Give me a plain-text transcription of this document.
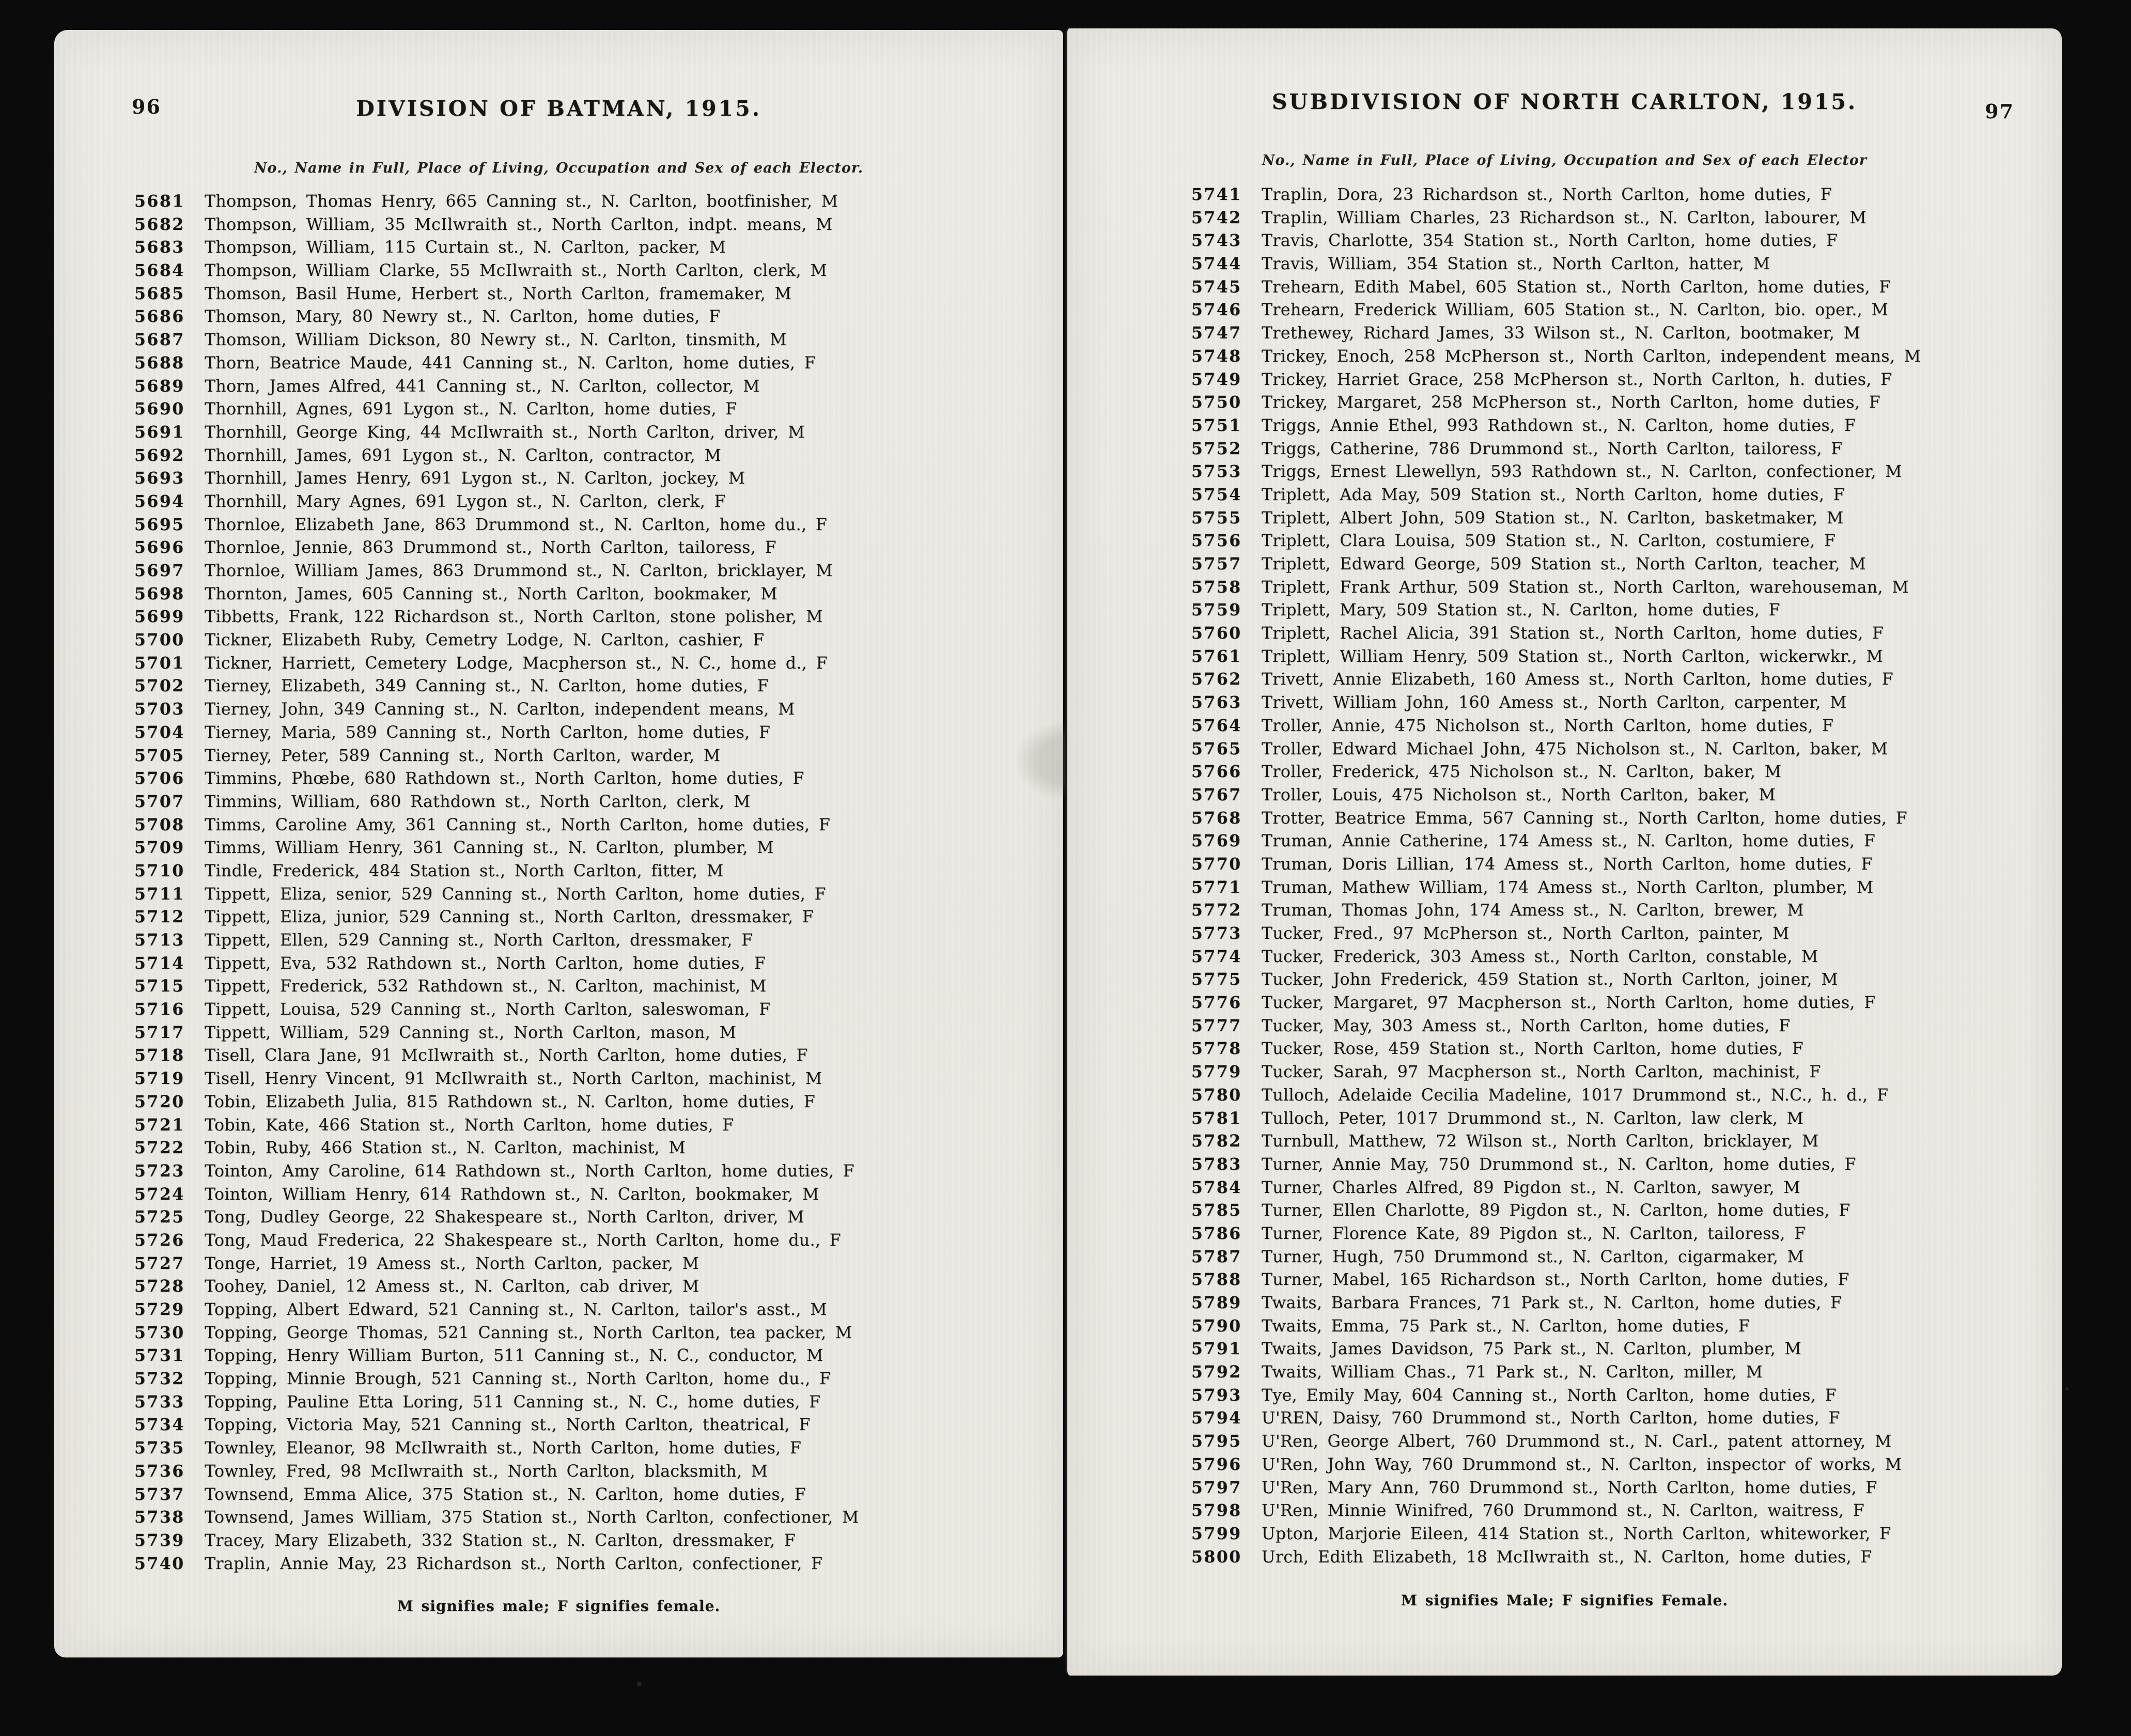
96	DIVISION OF BATMAN, 1915.
No., Name in Full, Place of Living, Occupation and Sex of each Elector.
5681 Thompson, Thomas Henry, 665 Canning st., N. Carlton, bootfinisher, M
5682 Thompson, William, 35 McIlwraith st., North Carlton, indpt. means, M
5683 Thompson, William, 115 Curtain st., N. Carlton, packer, M
5684 Thompson, William Clarke, 55 McIlwraith st., North Carlton, clerk, M
5685 Thomson, Basil Hume, Herbert st., North Carlton, framemaker, M
5686 Thomson, Mary, 80 Newry st., N. Carlton, home duties, F
5687 Thomson, William Dickson, 80 Newry st., N. Carlton, tinsmith, M
5688 Thorn, Beatrice Maude, 441 Canning st., N. Carlton, home duties, F
5689 Thorn, James Alfred, 441 Canning st., N. Carlton, collector, M
5690 Thornhill, Agnes, 691 Lygon st., N. Carlton, home duties, F
5691 Thornhill, George King, 44 McIlwraith st., North Carlton, driver, M
5692 Thornhill, James, 691 Lygon st., N. Carlton, contractor, M
5693 Thornhill, James Henry, 691 Lygon st., N. Carlton, jockey, M
5694 Thornhill, Mary Agnes, 691 Lygon st., N. Carlton, clerk, F
5695 Thornloe, Elizabeth Jane, 863 Drummond st., N. Carlton, home du., F
5696 Thornloe, Jennie, 863 Drummond st., North Carlton, tailoress, F
5697 Thornloe, William James, 863 Drummond st., N. Carlton, bricklayer, M
5698 Thornton, James, 605 Canning st., North Carlton, bookmaker, M
5699 Tibbetts, Frank, 122 Richardson st., North Carlton, stone polisher, M
5700 Tickner, Elizabeth Ruby, Cemetry Lodge, N. Carlton, cashier, F
5701 Tickner, Harriett, Cemetery Lodge, Macpherson st., N. C., home d., F
5702 Tierney, Elizabeth, 349 Canning st., N. Carlton, home duties, F
5703 Tierney, John, 349 Canning st., N. Carlton, independent means, M
5704 Tierney, Maria, 589 Canning st., North Carlton, home duties, F
5705 Tierney, Peter, 589 Canning st., North Carlton, warder, M
5706 Timmins, Phœbe, 680 Rathdown st., North Carlton, home duties, F
5707 Timmins, William, 680 Rathdown st., North Carlton, clerk, M
5708 Timms, Caroline Amy, 361 Canning st., North Carlton, home duties, F
5709 Timms, William Henry, 361 Canning st., N. Carlton, plumber, M
5710 Tindle, Frederick, 484 Station st., North Carlton, fitter, M
5711 Tippett, Eliza, senior, 529 Canning st., North Carlton, home duties, F
5712 Tippett, Eliza, junior, 529 Canning st., North Carlton, dressmaker, F
5713 Tippett, Ellen, 529 Canning st., North Carlton, dressmaker, F
5714 Tippett, Eva, 532 Rathdown st., North Carlton, home duties, F
5715 Tippett, Frederick, 532 Rathdown st., N. Carlton, machinist, M
5716 Tippett, Louisa, 529 Canning st., North Carlton, saleswoman, F
5717 Tippett, William, 529 Canning st., North Carlton, mason, M
5718 Tisell, Clara Jane, 91 McIlwraith st., North Carlton, home duties, F
5719 Tisell, Henry Vincent, 91 McIlwraith st., North Carlton, machinist, M
5720 Tobin, Elizabeth Julia, 815 Rathdown st., N. Carlton, home duties, F
5721 Tobin, Kate, 466 Station st., North Carlton, home duties, F
5722 Tobin, Ruby, 466 Station st., N. Carlton, machinist, M
5723 Tointon, Amy Caroline, 614 Rathdown st., North Carlton, home duties, F
5724 Tointon, William Henry, 614 Rathdown st., N. Carlton, bookmaker, M
5725 Tong, Dudley George, 22 Shakespeare st., North Carlton, driver, M
5726 Tong, Maud Frederica, 22 Shakespeare st., North Carlton, home du., F
5727 Tonge, Harriet, 19 Amess st., North Carlton, packer, M
5728 Toohey, Daniel, 12 Amess st., N. Carlton, cab driver, M
5729 Topping, Albert Edward, 521 Canning st., N. Carlton, tailor's asst., M
5730 Topping, George Thomas, 521 Canning st., North Carlton, tea packer, M
5731 Topping, Henry William Burton, 511 Canning st., N. C., conductor, M
5732 Topping, Minnie Brough, 521 Canning st., North Carlton, home du., F
5733 Topping, Pauline Etta Loring, 511 Canning st., N. C., home duties, F
5734 Topping, Victoria May, 521 Canning st., North Carlton, theatrical, F
5735 Townley, Eleanor, 98 McIlwraith st., North Carlton, home duties, F
5736 Townley, Fred, 98 McIlwraith st., North Carlton, blacksmith, M
5737 Townsend, Emma Alice, 375 Station st., N. Carlton, home duties, F
5738 Townsend, James William, 375 Station st., North Carlton, confectioner, M
5739 Tracey, Mary Elizabeth, 332 Station st., N. Carlton, dressmaker, F
5740 Traplin, Annie May, 23 Richardson st., North Carlton, confectioner, F
M signifies male; F signifies female.
97
SUBDIVISION OF NORTH CARLTON, 1915.
No., Name in Full, Place of Living, Occupation and Sex of each Elector
5741 Traplin, Dora, 23 Richardson st., North Carlton, home duties, F
5742 Traplin, William Charles, 23 Richardson st., N. Carlton, labourer, M
5743 Travis, Charlotte, 354 Station st., North Carlton, home duties, F
5744 Travis, William, 354 Station st., North Carlton, hatter, M
5745 Trehearn, Edith Mabel, 605 Station st., North Carlton, home duties, F
5746 Trehearn, Frederick William, 605 Station st., N. Carlton, bio. oper., M
5747 Trethewey, Richard James, 33 Wilson st., N. Carlton, bootmaker, M
5748 Trickey, Enoch, 258 McPherson st., North Carlton, independent means, M
5749 Trickey, Harriet Grace, 258 McPherson st., North Carlton, h. duties, F
5750 Trickey, Margaret, 258 McPherson st., North Carlton, home duties, F
5751 Triggs, Annie Ethel, 993 Rathdown st., N. Carlton, home duties, F
5752 Triggs, Catherine, 786 Drummond st., North Carlton, tailoress, F
5753 Triggs, Ernest Llewellyn, 593 Rathdown st., N. Carlton, confectioner, M
5754 Triplett, Ada May, 509 Station st., North Carlton, home duties, F
5755 Triplett, Albert John, 509 Station st., N. Carlton, basketmaker, M
5756 Triplett, Clara Louisa, 509 Station st., N. Carlton, costumiere, F
5757 Triplett, Edward George, 509 Station st., North Carlton, teacher, M
5758 Triplett, Frank Arthur, 509 Station st., North Carlton, warehouseman, M
5759 Triplett, Mary, 509 Station st., N. Carlton, home duties, F
5760 Triplett, Rachel Alicia, 391 Station st., North Carlton, home duties, F
5761 Triplett, William Henry, 509 Station st., North Carlton, wickerwkr., M
5762 Trivett, Annie Elizabeth, 160 Amess st., North Carlton, home duties, F
5763 Trivett, William John, 160 Amess st., North Carlton, carpenter, M
5764 Troller, Annie, 475 Nicholson st., North Carlton, home duties, F
5765 Troller, Edward Michael John, 475 Nicholson st., N. Carlton, baker, M
5766 Troller, Frederick, 475 Nicholson st., N. Carlton, baker, M
5767 Troller, Louis, 475 Nicholson st., North Carlton, baker, M
5768 Trotter, Beatrice Emma, 567 Canning st., North Carlton, home duties, F
5769 Truman, Annie Catherine, 174 Amess st., N. Carlton, home duties, F
5770 Truman, Doris Lillian, 174 Amess st., North Carlton, home duties, F
5771 Truman, Mathew William, 174 Amess st., North Carlton, plumber, M
5772 Truman, Thomas John, 174 Amess st., N. Carlton, brewer, M
5773 Tucker, Fred., 97 McPherson st., North Carlton, painter, M
5774 Tucker, Frederick, 303 Amess st., North Carlton, constable, M
5775 Tucker, John Frederick, 459 Station st., North Carlton, joiner, M
5776 Tucker, Margaret, 97 Macpherson st., North Carlton, home duties, F
5777 Tucker, May, 303 Amess st., North Carlton, home duties, F
5778 Tucker, Rose, 459 Station st., North Carlton, home duties, F
5779 Tucker, Sarah, 97 Macpherson st., North Carlton, machinist, F
5780 Tulloch, Adelaide Cecilia Madeline, 1017 Drummond st., N.C., h. d., F
5781 Tulloch, Peter, 1017 Drummond st., N. Carlton, law clerk, M
5782 Turnbull, Matthew, 72 Wilson st., North Carlton, bricklayer, M
5783 Turner, Annie May, 750 Drummond st., N. Carlton, home duties, F
5784 Turner, Charles Alfred, 89 Pigdon st., N. Carlton, sawyer, M
5785 Turner, Ellen Charlotte, 89 Pigdon st., N. Carlton, home duties, F
5786 Turner, Florence Kate, 89 Pigdon st., N. Carlton, tailoress, F
5787 Turner, Hugh, 750 Drummond st., N. Carlton, cigarmaker, M
5788 Turner, Mabel, 165 Richardson st., North Carlton, home duties, F
5789 Twaits, Barbara Frances, 71 Park st., N. Carlton, home duties, F
5790 Twaits, Emma, 75 Park st., N. Carlton, home duties, F
5791 Twaits, James Davidson, 75 Park st., N. Carlton, plumber, M
5792 Twaits, William Chas., 71 Park st., N. Carlton, miller, M
5793 Tye, Emily May, 604 Canning st., North Carlton, home duties, F
5794 U'REN, Daisy, 760 Drummond st., North Carlton, home duties, F
5795 U'Ren, George Albert, 760 Drummond st., N. Carl., patent attorney, M
5796 U'Ren, John Way, 760 Drummond st., N. Carlton, inspector of works, M
5797 U'Ren, Mary Ann, 760 Drummond st., North Carlton, home duties, F
5798 U'Ren, Minnie Winifred, 760 Drummond st., N. Carlton, waitress, F
5799 Upton, Marjorie Eileen, 414 Station st., North Carlton, whiteworker, F
5800 Urch, Edith Elizabeth, 18 McIlwraith st., N. Carlton, home duties, F
M signifies Male; F signifies Female.
